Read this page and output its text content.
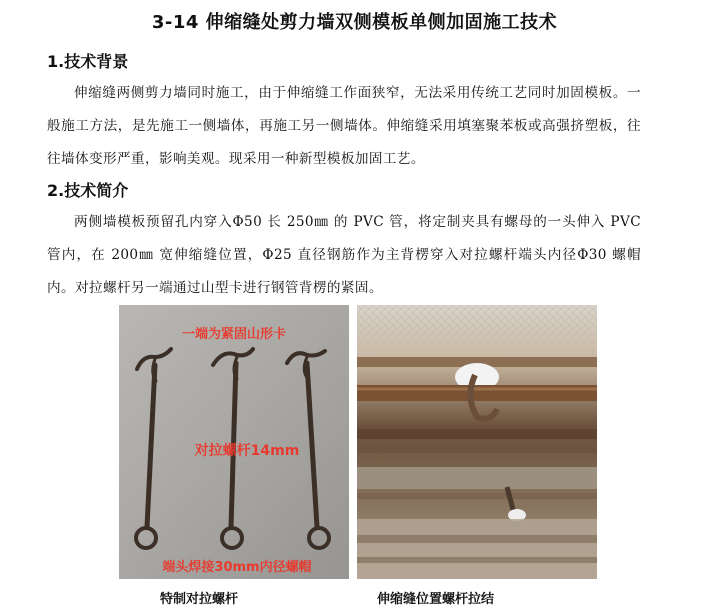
3-14 伸缩缝处剪力墙双侧模板单侧加固施工技术
1.技术背景
伸缩缝两侧剪力墙同时施工，由于伸缩缝工作面狭窄，无法采用传统工艺同时加固模板。一般施工方法，是先施工一侧墙体，再施工另一侧墙体。伸缩缝采用填塞聚苯板或高强挤塑板，往往墙体变形严重，影响美观。现采用一种新型模板加固工艺。
2.技术简介
两侧墙模板预留孔内穿入Φ50 长 250㎜ 的 PVC 管，将定制夹具有螺母的一头伸入 PVC 管内，在 200㎜ 宽伸缩缝位置，Φ25 直径钢筋作为主背楞穿入对拉螺杆端头内径Φ30 螺帽内。对拉螺杆另一端通过山型卡进行钢管背楞的紧固。
一端为紧固山形卡
对拉螺杆14mm
端头焊接30mm内径螺帽
特制对拉螺杆	伸缩缝位置螺杆拉结
